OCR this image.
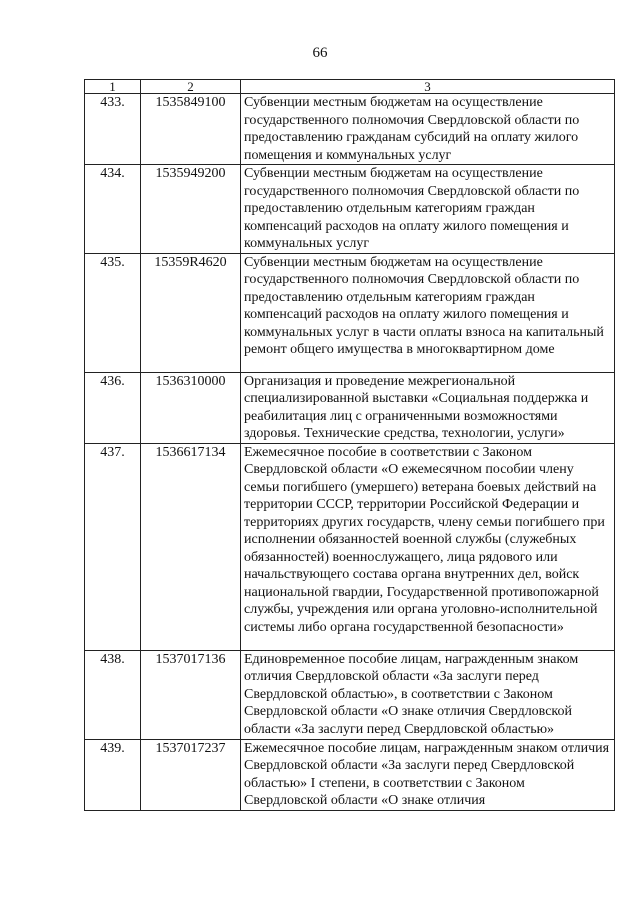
66
1	2	3
433.	1535849100	Субвенции местным бюджетам на осуществление государственного полномочия Свердловской области по предоставлению гражданам субсидий на оплату жилого помещения и коммунальных услуг
434.	1535949200	Субвенции местным бюджетам на осуществление государственного полномочия Свердловской области по предоставлению отдельным категориям граждан компенсаций расходов на оплату жилого помещения и коммунальных услуг
435.	15359R4620	Субвенции местным бюджетам на осуществление государственного полномочия Свердловской области по предоставлению отдельным категориям граждан компенсаций расходов на оплату жилого помещения и коммунальных услуг в части оплаты взноса на капитальный ремонт общего имущества в многоквартирном доме
436.	1536310000	Организация и проведение межрегиональной специализированной выставки «Социальная поддержка и реабилитация лиц с ограниченными возможностями здоровья. Технические средства, технологии, услуги»
437.	1536617134	Ежемесячное пособие в соответствии с Законом Свердловской области «О ежемесячном пособии члену семьи погибшего (умершего) ветерана боевых действий на территории СССР, территории Российской Федерации и территориях других государств, члену семьи погибшего при исполнении обязанностей военной службы (служебных обязанностей) военнослужащего, лица рядового или начальствующего состава органа внутренних дел, войск национальной гвардии, Государственной противопожарной службы, учреждения или органа уголовно-исполнительной системы либо органа государственной безопасности»
438.	1537017136	Единовременное пособие лицам, награжденным знаком отличия Свердловской области «За заслуги перед Свердловской областью», в соответствии с Законом Свердловской области «О знаке отличия Свердловской области «За заслуги перед Свердловской областью»
439.	1537017237	Ежемесячное пособие лицам, награжденным знаком отличия Свердловской области «За заслуги перед Свердловской областью» I степени, в соответствии с Законом Свердловской области «О знаке отличия
